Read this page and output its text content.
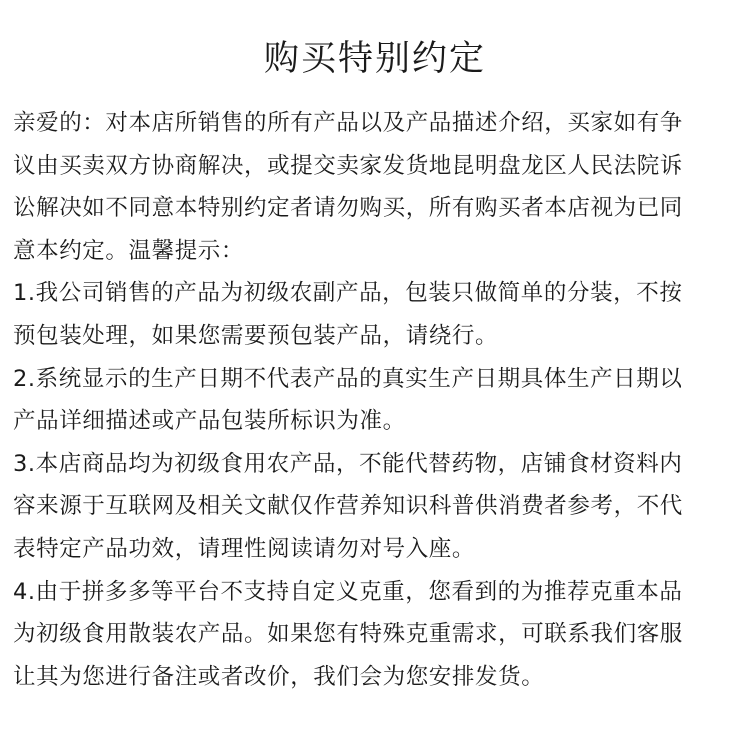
购买特别约定
亲爱的：对本店所销售的所有产品以及产品描述介绍，买家如有争
议由买卖双方协商解决，或提交卖家发货地昆明盘龙区人民法院诉
讼解决如不同意本特别约定者请勿购买，所有购买者本店视为已同
意本约定。温馨提示：
1.我公司销售的产品为初级农副产品，包装只做简单的分装，不按
预包装处理，如果您需要预包装产品，请绕行。
2.系统显示的生产日期不代表产品的真实生产日期具体生产日期以
产品详细描述或产品包装所标识为准。
3.本店商品均为初级食用农产品，不能代替药物，店铺食材资料内
容来源于互联网及相关文献仅作营养知识科普供消费者参考，不代
表特定产品功效，请理性阅读请勿对号入座。
4.由于拼多多等平台不支持自定义克重，您看到的为推荐克重本品
为初级食用散装农产品。如果您有特殊克重需求，可联系我们客服
让其为您进行备注或者改价，我们会为您安排发货。
